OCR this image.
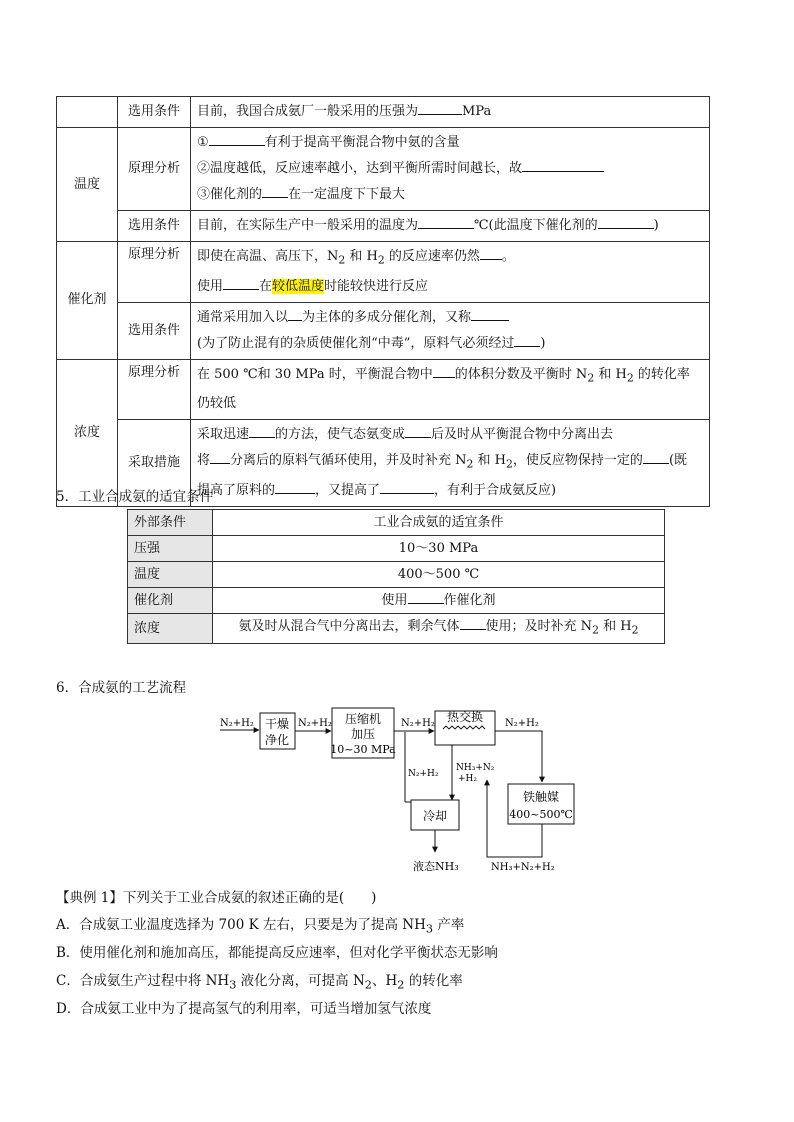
	选用条件	目前，我国合成氨厂一般采用的压强为 MPa
温度	原理分析	① 有利于提高平衡混合物中氨的含量
②温度越低，反应速率越小，达到平衡所需时间越长，故
③催化剂的 在一定温度下下最大

	选用条件	目前，在实际生产中一般采用的温度为 ℃(此温度下催化剂的 )
催化剂	原理分析	即使在高温、高压下，$N_2$ 和 $H_2$ 的反应速率仍然 。
使用 在较低温度时能较快进行反应

	选用条件	通常采用加入以 为主体的多成分催化剂，又称
(为了防止混有的杂质使催化剂“中毒”，原料气必须经过 )

浓度	原理分析	在 500 ℃和 30 MPa 时，平衡混合物中 的体积分数及平衡时 $N_2$ 和 $H_2$ 的转化率
仍较低

	采取措施	采取迅速 的方法，使气态氨变成 后及时从平衡混合物中分离出去
将 分离后的原料气循环使用，并及时补充 $N_2$ 和 $H_2$，使反应物保持一定的 (既
提高了原料的 ，又提高了 ，有利于合成氨反应)
5．工业合成氨的适宜条件
外部条件	工业合成氨的适宜条件
压强	10～30 MPa
温度	400～500 ℃
催化剂	使用 作催化剂
浓度	氨及时从混合气中分离出去，剩余气体 使用；及时补充 $N_2$ 和 $H_2$
6．合成氨的工艺流程
N₂+H₂ 干燥
净化
N₂+H₂ 压缩机
加压
10~30 MPa
N₂+H₂ 热交换 N₂+H₂
铁触媒
400~500℃
NH₃+N₂+H₂
NH₃+N₂
+H₂
N₂+H₂
冷却
液态NH₃
【典例 1】下列关于工业合成氨的叙述正确的是(　　)
A．合成氨工业温度选择为 700 K 左右，只要是为了提高 $NH_3$ 产率
B．使用催化剂和施加高压，都能提高反应速率，但对化学平衡状态无影响
C．合成氨生产过程中将 $NH_3$ 液化分离，可提高 $N_2$、$H_2$ 的转化率
D．合成氨工业中为了提高氢气的利用率，可适当增加氢气浓度
